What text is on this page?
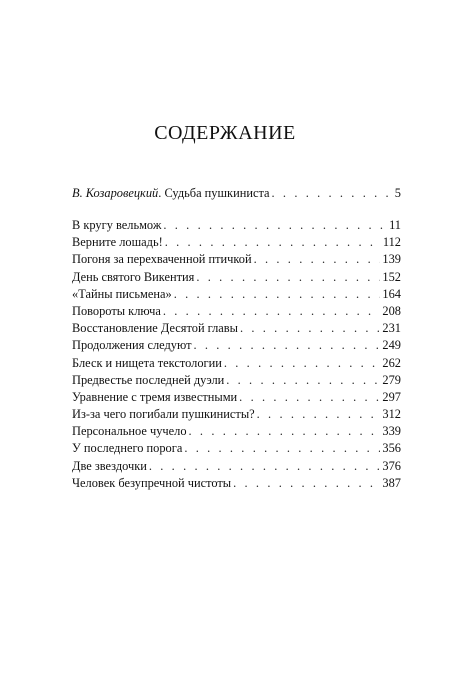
СОДЕРЖАНИЕ
В. Козаровецкий. Судьба пушкиниста . . .	5
В кругу вельмож . . .	11
Верните лошадь! . . .	112
Погоня за перехваченной птичкой . . .	139
День святого Викентия . . .	152
«Тайны письмена» . . .	164
Повороты ключа . . .	208
Восстановление Десятой главы . . .	231
Продолжения следуют . . .	249
Блеск и нищета текстологии . . .	262
Предвестье последней дуэли . . .	279
Уравнение с тремя известными . . .	297
Из-за чего погибали пушкинисты? . . .	312
Персональное чучело . . .	339
У последнего порога . . .	356
Две звездочки . . .	376
Человек безупречной чистоты . . .	387
